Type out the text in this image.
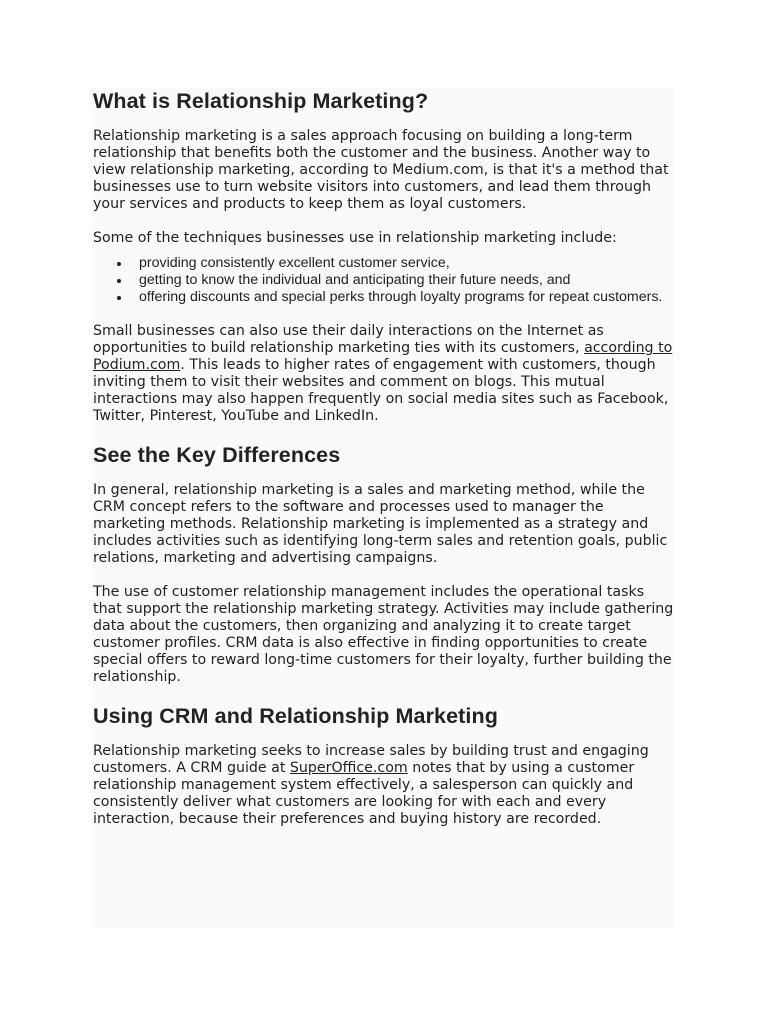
What is Relationship Marketing?

Relationship marketing is a sales approach focusing on building a long-term relationship that benefits both the customer and the business. Another way to view relationship marketing, according to Medium.com, is that it's a method that businesses use to turn website visitors into customers, and lead them through your services and products to keep them as loyal customers.

Some of the techniques businesses use in relationship marketing include:

providing consistently excellent customer service,
getting to know the individual and anticipating their future needs, and
offering discounts and special perks through loyalty programs for repeat customers.

Small businesses can also use their daily interactions on the Internet as opportunities to build relationship marketing ties with its customers, according to Podium.com. This leads to higher rates of engagement with customers, though inviting them to visit their websites and comment on blogs. This mutual interactions may also happen frequently on social media sites such as Facebook, Twitter, Pinterest, YouTube and LinkedIn.

See the Key Differences

In general, relationship marketing is a sales and marketing method, while the CRM concept refers to the software and processes used to manager the marketing methods. Relationship marketing is implemented as a strategy and includes activities such as identifying long-term sales and retention goals, public relations, marketing and advertising campaigns.

The use of customer relationship management includes the operational tasks that support the relationship marketing strategy. Activities may include gathering data about the customers, then organizing and analyzing it to create target customer profiles. CRM data is also effective in finding opportunities to create special offers to reward long-time customers for their loyalty, further building the relationship.

Using CRM and Relationship Marketing

Relationship marketing seeks to increase sales by building trust and engaging customers. A CRM guide at SuperOffice.com notes that by using a customer relationship management system effectively, a salesperson can quickly and consistently deliver what customers are looking for with each and every interaction, because their preferences and buying history are recorded.
